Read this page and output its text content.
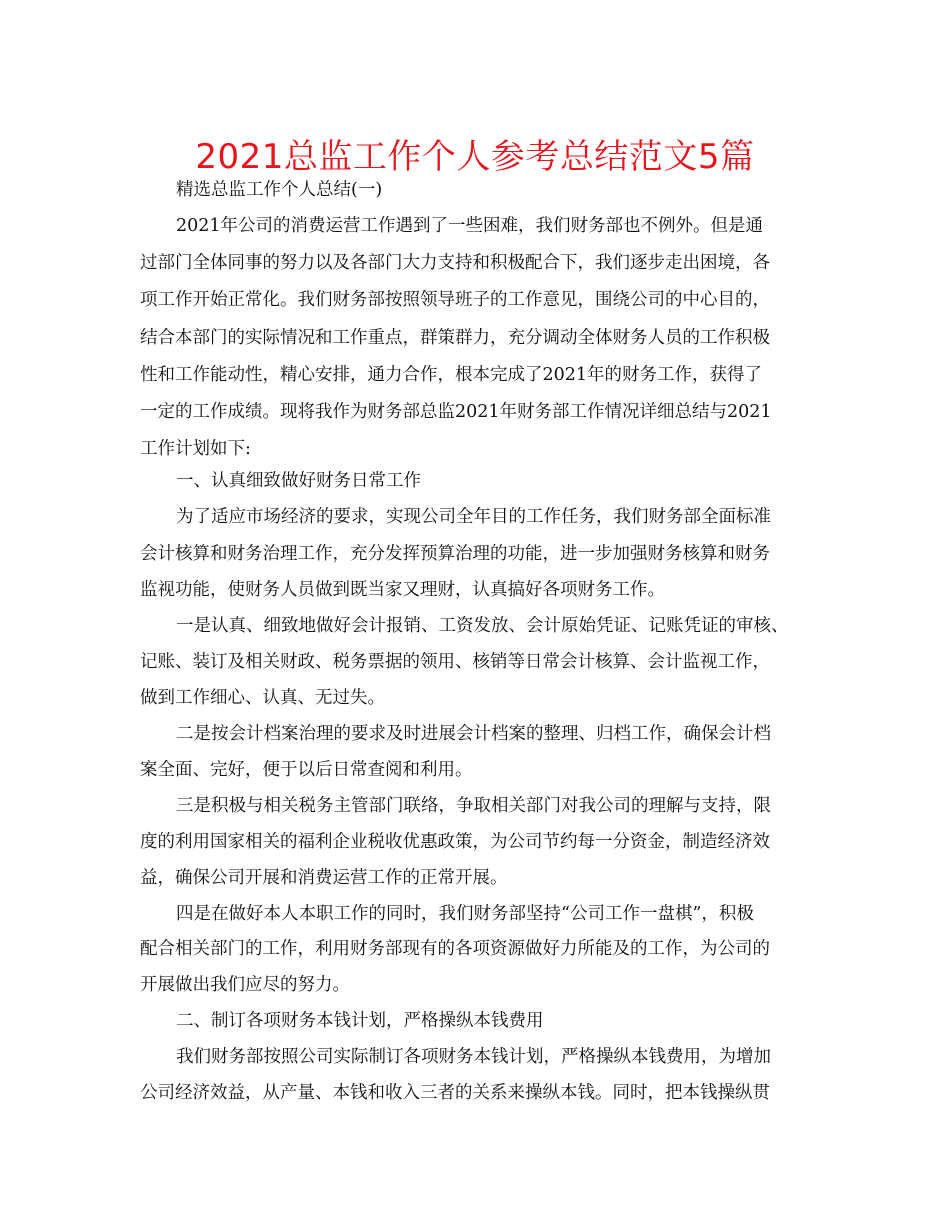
2021总监工作个人参考总结范文5篇
精选总监工作个人总结(一)
2021年公司的消费运营工作遇到了一些困难，我们财务部也不例外。但是通
过部门全体同事的努力以及各部门大力支持和积极配合下，我们逐步走出困境，各
项工作开始正常化。我们财务部按照领导班子的工作意见，围绕公司的中心目的，
结合本部门的实际情况和工作重点，群策群力，充分调动全体财务人员的工作积极
性和工作能动性，精心安排，通力合作，根本完成了2021年的财务工作，获得了
一定的工作成绩。现将我作为财务部总监2021年财务部工作情况详细总结与2021
工作计划如下:
一、认真细致做好财务日常工作
为了适应市场经济的要求，实现公司全年目的工作任务，我们财务部全面标准
会计核算和财务治理工作，充分发挥预算治理的功能，进一步加强财务核算和财务
监视功能，使财务人员做到既当家又理财，认真搞好各项财务工作。
一是认真、细致地做好会计报销、工资发放、会计原始凭证、记账凭证的审核、
记账、装订及相关财政、税务票据的领用、核销等日常会计核算、会计监视工作，
做到工作细心、认真、无过失。
二是按会计档案治理的要求及时进展会计档案的整理、归档工作，确保会计档
案全面、完好，便于以后日常查阅和利用。
三是积极与相关税务主管部门联络，争取相关部门对我公司的理解与支持，限
度的利用国家相关的福利企业税收优惠政策，为公司节约每一分资金，制造经济效
益，确保公司开展和消费运营工作的正常开展。
四是在做好本人本职工作的同时，我们财务部坚持“公司工作一盘棋”，积极
配合相关部门的工作，利用财务部现有的各项资源做好力所能及的工作，为公司的
开展做出我们应尽的努力。
二、制订各项财务本钱计划，严格操纵本钱费用
我们财务部按照公司实际制订各项财务本钱计划，严格操纵本钱费用，为增加
公司经济效益，从产量、本钱和收入三者的关系来操纵本钱。同时，把本钱操纵贯
